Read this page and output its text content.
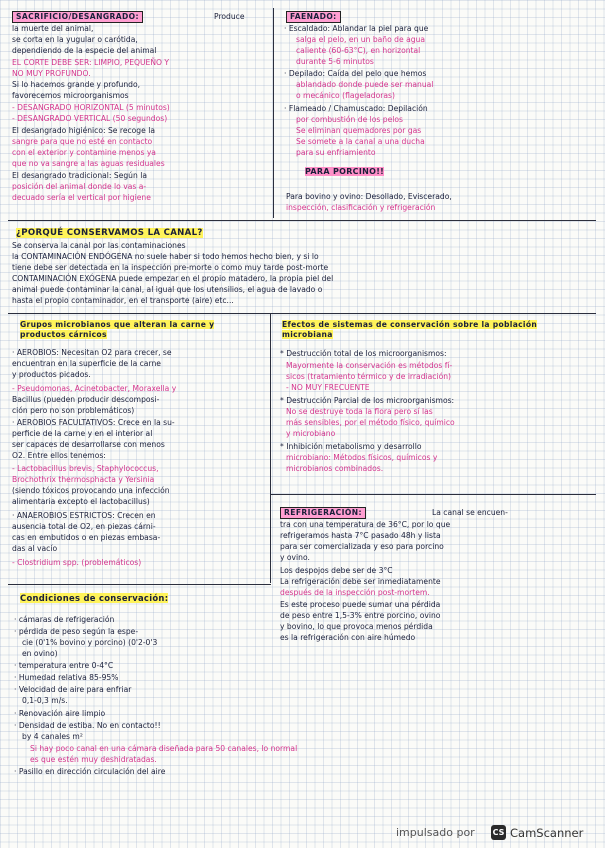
SACRIFICIO/DESANGRADO:	Produce
la muerte del animal,
se corta en la yugular o carótida,
dependiendo de la especie del animal
EL CORTE DEBE SER: LIMPIO, PEQUEÑO Y
NO MUY PROFUNDO.
Si lo hacemos grande y profundo,
favorecemos microorganismos
- DESANGRADO HORIZONTAL (5 minutos)
- DESANGRADO VERTICAL (50 segundos)
El desangrado higiénico: Se recoge la
sangre para que no esté en contacto
con el exterior y contamine menos ya
que no va sangre a las aguas residuales
El desangrado tradicional: Según la
posición del animal donde lo vas a-
decuado sería el vertical por higiene
FAENADO:
· Escaldado: Ablandar la piel para que
salga el pelo, en un baño de agua
caliente (60-63°C), en horizontal
durante 5-6 minutos
· Depilado: Caída del pelo que hemos
ablandado donde puede ser manual
o mecánico (flageladoras)
· Flameado / Chamuscado: Depilación
por combustión de los pelos
Se eliminan quemadores por gas
Se somete a la canal a una ducha
para su enfriamiento
PARA PORCINO!!
Para bovino y ovino: Desollado, Eviscerado,
inspección, clasificación y refrigeración
¿PORQUÉ CONSERVAMOS LA CANAL?
Se conserva la canal por las contaminaciones
la CONTAMINACIÓN ENDÓGENA no suele haber si todo hemos hecho bien, y si lo
tiene debe ser detectada en la inspección pre-morte o como muy tarde post-morte
CONTAMINACIÓN EXÓGENA puede empezar en el propio matadero, la propia piel del
animal puede contaminar la canal, al igual que los utensilios, el agua de lavado o
hasta el propio contaminador, en el transporte (aire) etc...
Grupos microbianos que alteran la carne y productos cárnicos
· AEROBIOS: Necesitan O2 para crecer, se
encuentran en la superficie de la carne
y productos picados.
- Pseudomonas, Acinetobacter, Moraxella y
Bacillus (pueden producir descomposi-
ción pero no son problemáticos)
· AEROBIOS FACULTATIVOS: Crece en la su-
perficie de la carne y en el interior al
ser capaces de desarrollarse con menos
O2. Entre ellos tenemos:
- Lactobacillus brevis, Staphylococcus,
Brochothrix thermosphacta y Yersinia
(siendo tóxicos provocando una infección
alimentaria excepto el lactobacillus)
· ANAEROBIOS ESTRICTOS: Crecen en
ausencia total de O2, en piezas cárni-
cas en embutidos o en piezas embasa-
das al vacío
- Clostridium spp. (problemáticos)
Efectos de sistemas de conservación sobre la población microbiana
* Destrucción total de los microorganismos:
Mayormente la conservación es métodos fí-
sicos (tratamiento térmico y de irradiación)
- NO MUY FRECUENTE
* Destrucción Parcial de los microorganismos:
No se destruye toda la flora pero sí las
más sensibles, por el método físico, químico
y microbiano
* Inhibición metabolismo y desarrollo
microbiano: Métodos físicos, químicos y
microbianos combinados.
REFRIGERACIÓN:	La canal se encuen-
tra con una temperatura de 36°C, por lo que
refrigeramos hasta 7°C pasado 48h y lista
para ser comercializada y eso para porcino
y ovino.
Los despojos debe ser de 3°C
La refrigeración debe ser inmediatamente
después de la inspección post-mortem.
Es este proceso puede sumar una pérdida
de peso entre 1,5-3% entre porcino, ovino
y bovino, lo que provoca menos pérdida
es la refrigeración con aire húmedo
Condiciones de conservación:
· cámaras de refrigeración
· pérdida de peso según la espe-
cie (0'1% bovino y porcino) (0'2-0'3
en ovino)
· temperatura entre 0-4°C
· Humedad relativa 85-95%
· Velocidad de aire para enfriar
0,1-0,3 m/s.
· Renovación aire limpio
· Densidad de estiba. No en contacto!!
by 4 canales m²
Si hay poco canal en una cámara diseñada para 50 canales, lo normal
es que estén muy deshidratadas.
· Pasillo en dirección circulación del aire
impulsado por CS CamScanner
